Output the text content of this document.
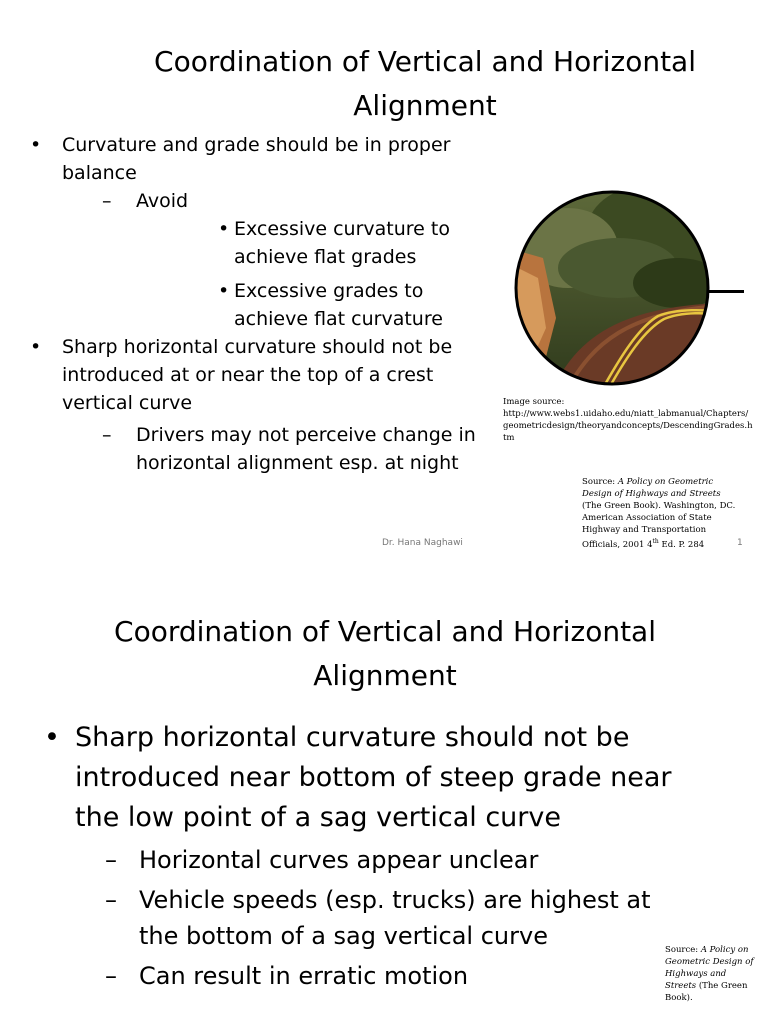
Coordination of Vertical and Horizontal Alignment
• Curvature and grade should be in proper balance
– Avoid
• Excessive curvature to achieve flat grades
• Excessive grades to achieve flat curvature
• Sharp horizontal curvature should not be introduced at or near the top of a crest vertical curve
– Drivers may not perceive change in horizontal alignment esp. at night
Image source:
http://www.webs1.uidaho.edu/niatt_labmanual/Chapters/geometricdesign/theoryandconcepts/DescendingGrades.htm
Source: A Policy on Geometric Design of Highways and Streets (The Green Book). Washington, DC. American Association of State Highway and Transportation Officials, 2001 4th Ed. P. 284
Dr. Hana Naghawi	1
Coordination of Vertical and Horizontal Alignment
• Sharp horizontal curvature should not be introduced near bottom of steep grade near the low point of a sag vertical curve
– Horizontal curves appear unclear
– Vehicle speeds (esp. trucks) are highest at the bottom of a sag vertical curve
– Can result in erratic motion
Source: A Policy on Geometric Design of Highways and Streets (The Green Book).
